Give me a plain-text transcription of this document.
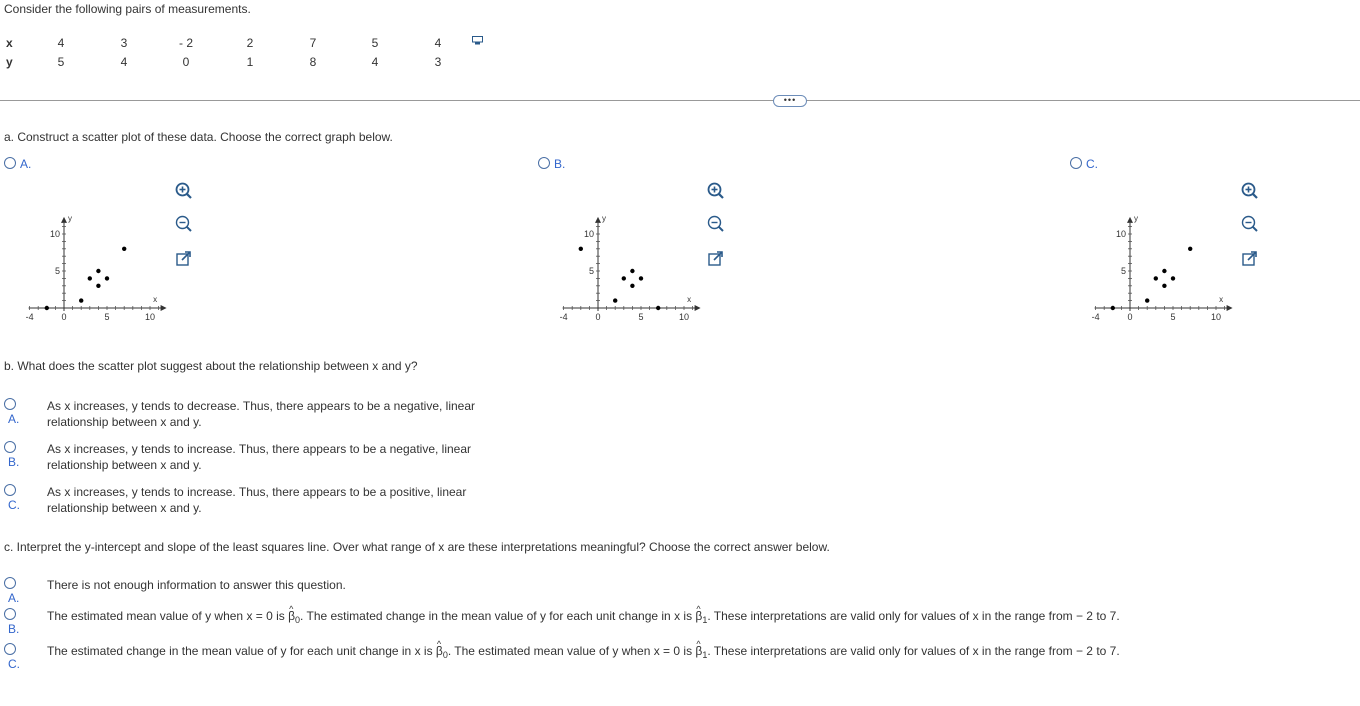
Consider the following pairs of measurements.
x	4	3	- 2	2	7	5	4
y	5	4	0	1	8	4	3
•••
a. Construct a scatter plot of these data. Choose the correct graph below.
A.	B.	C.
10
5
-4	0	5	10
y
x
10
5
-4	0	5	10
y
x
10
5
-4	0	5	10
y
x
b. What does the scatter plot suggest about the relationship between x and y?
A.
As x increases, y tends to decrease. Thus, there appears to be a negative, linear
relationship between x and y.
B.
As x increases, y tends to increase. Thus, there appears to be a negative, linear
relationship between x and y.
C.
As x increases, y tends to increase. Thus, there appears to be a positive, linear
relationship between x and y.
c. Interpret the y-intercept and slope of the least squares line. Over what range of x are these interpretations meaningful? Choose the correct answer below.
A.
There is not enough information to answer this question.
B.
The estimated mean value of y when x = 0 is ^ $\beta_0$. The estimated change in the mean value of y for each unit change in x is ^ $\beta_1$. These interpretations are valid only for values of x in the range from − 2 to 7.
C.
The estimated change in the mean value of y for each unit change in x is ^ $\beta_0$. The estimated mean value of y when x = 0 is ^ $\beta_1$. These interpretations are valid only for values of x in the range from − 2 to 7.
